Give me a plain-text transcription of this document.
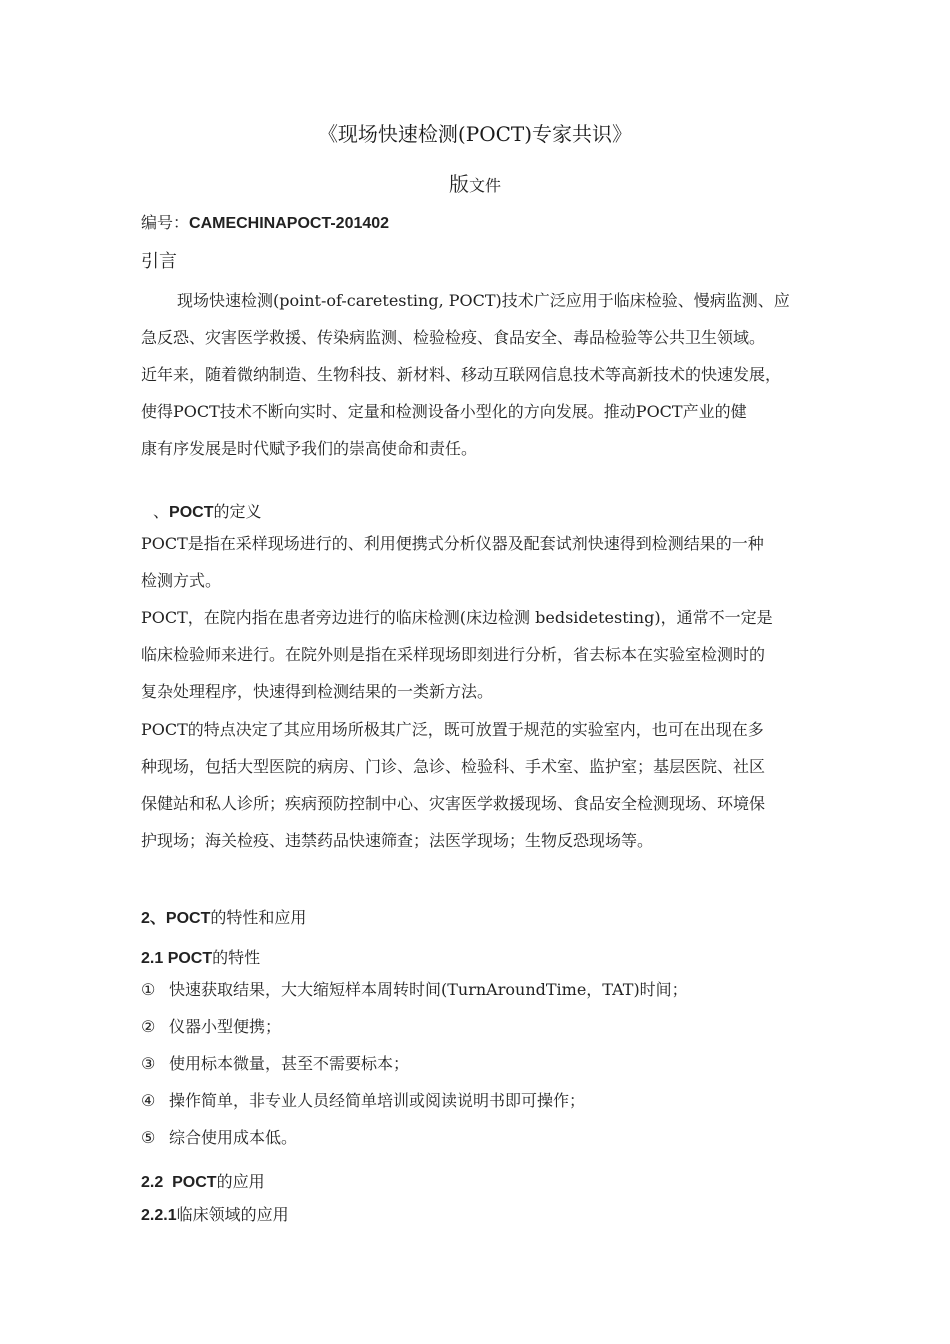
《现场快速检测(POCT)专家共识》
版文件
编号：CAMECHINAPOCT-201402
引言
现场快速检测(point-of-caretesting, POCT)技术广泛应用于临床检验、慢病监测、应
急反恐、灾害医学救援、传染病监测、检验检疫、食品安全、毒品检验等公共卫生领域。
近年来，随着微纳制造、生物科技、新材料、移动互联网信息技术等高新技术的快速发展，
使得POCT技术不断向实时、定量和检测设备小型化的方向发展。推动POCT产业的健
康有序发展是时代赋予我们的崇高使命和责任。
、POCT的定义
POCT是指在采样现场进行的、利用便携式分析仪器及配套试剂快速得到检测结果的一种
检测方式。
POCT，在院内指在患者旁边进行的临床检测(床边检测 bedsidetesting)，通常不一定是
临床检验师来进行。在院外则是指在采样现场即刻进行分析，省去标本在实验室检测时的
复杂处理程序，快速得到检测结果的一类新方法。
POCT的特点决定了其应用场所极其广泛，既可放置于规范的实验室内，也可在出现在多
种现场，包括大型医院的病房、门诊、急诊、检验科、手术室、监护室；基层医院、社区
保健站和私人诊所；疾病预防控制中心、灾害医学救援现场、食品安全检测现场、环境保
护现场；海关检疫、违禁药品快速筛查；法医学现场；生物反恐现场等。
2、POCT的特性和应用
2.1 POCT的特性
① 快速获取结果，大大缩短样本周转时间(TurnAroundTime，TAT)时间；
② 仪器小型便携；
③ 使用标本微量，甚至不需要标本；
④ 操作简单，非专业人员经简单培训或阅读说明书即可操作；
⑤ 综合使用成本低。
2.2  POCT的应用
2.2.1临床领域的应用
